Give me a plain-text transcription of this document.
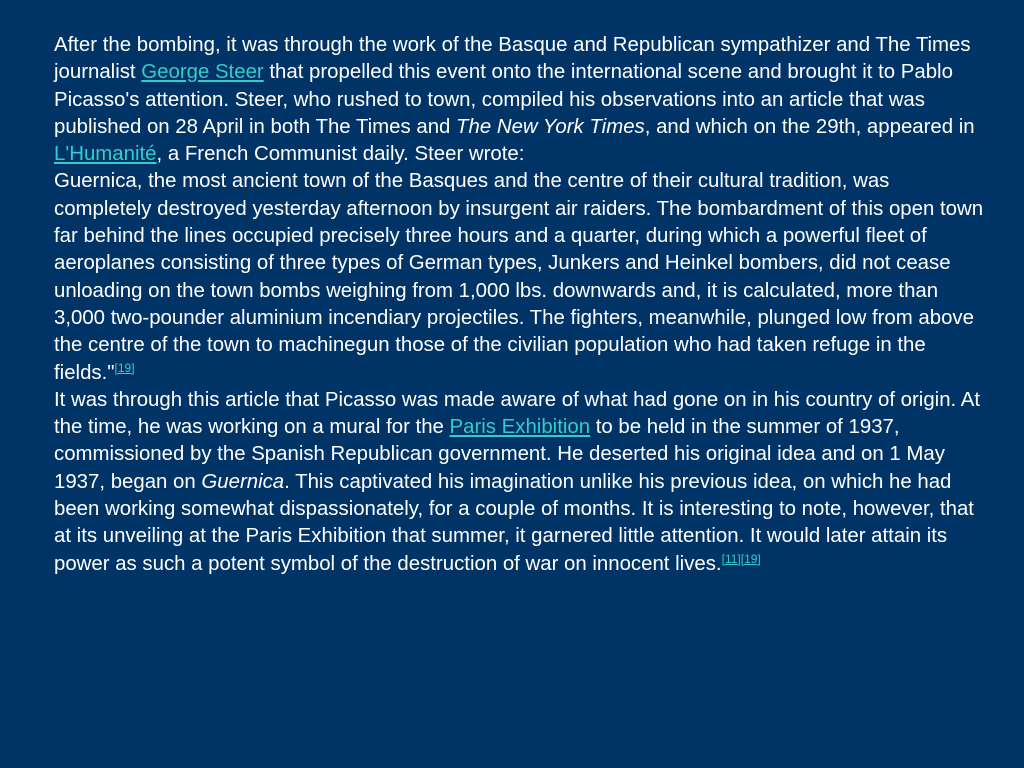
After the bombing, it was through the work of the Basque and Republican sympathizer and The Times journalist George Steer that propelled this event onto the international scene and brought it to Pablo Picasso's attention. Steer, who rushed to town, compiled his observations into an article that was published on 28 April in both The Times and The New York Times, and which on the 29th, appeared in L'Humanité, a French Communist daily. Steer wrote:

Guernica, the most ancient town of the Basques and the centre of their cultural tradition, was completely destroyed yesterday afternoon by insurgent air raiders. The bombardment of this open town far behind the lines occupied precisely three hours and a quarter, during which a powerful fleet of aeroplanes consisting of three types of German types, Junkers and Heinkel bombers, did not cease unloading on the town bombs weighing from 1,000 lbs. downwards and, it is calculated, more than 3,000 two-pounder aluminium incendiary projectiles. The fighters, meanwhile, plunged low from above the centre of the town to machinegun those of the civilian population who had taken refuge in the fields."[19]

It was through this article that Picasso was made aware of what had gone on in his country of origin. At the time, he was working on a mural for the Paris Exhibition to be held in the summer of 1937, commissioned by the Spanish Republican government. He deserted his original idea and on 1 May 1937, began on Guernica. This captivated his imagination unlike his previous idea, on which he had been working somewhat dispassionately, for a couple of months. It is interesting to note, however, that at its unveiling at the Paris Exhibition that summer, it garnered little attention. It would later attain its power as such a potent symbol of the destruction of war on innocent lives.[11][19]
